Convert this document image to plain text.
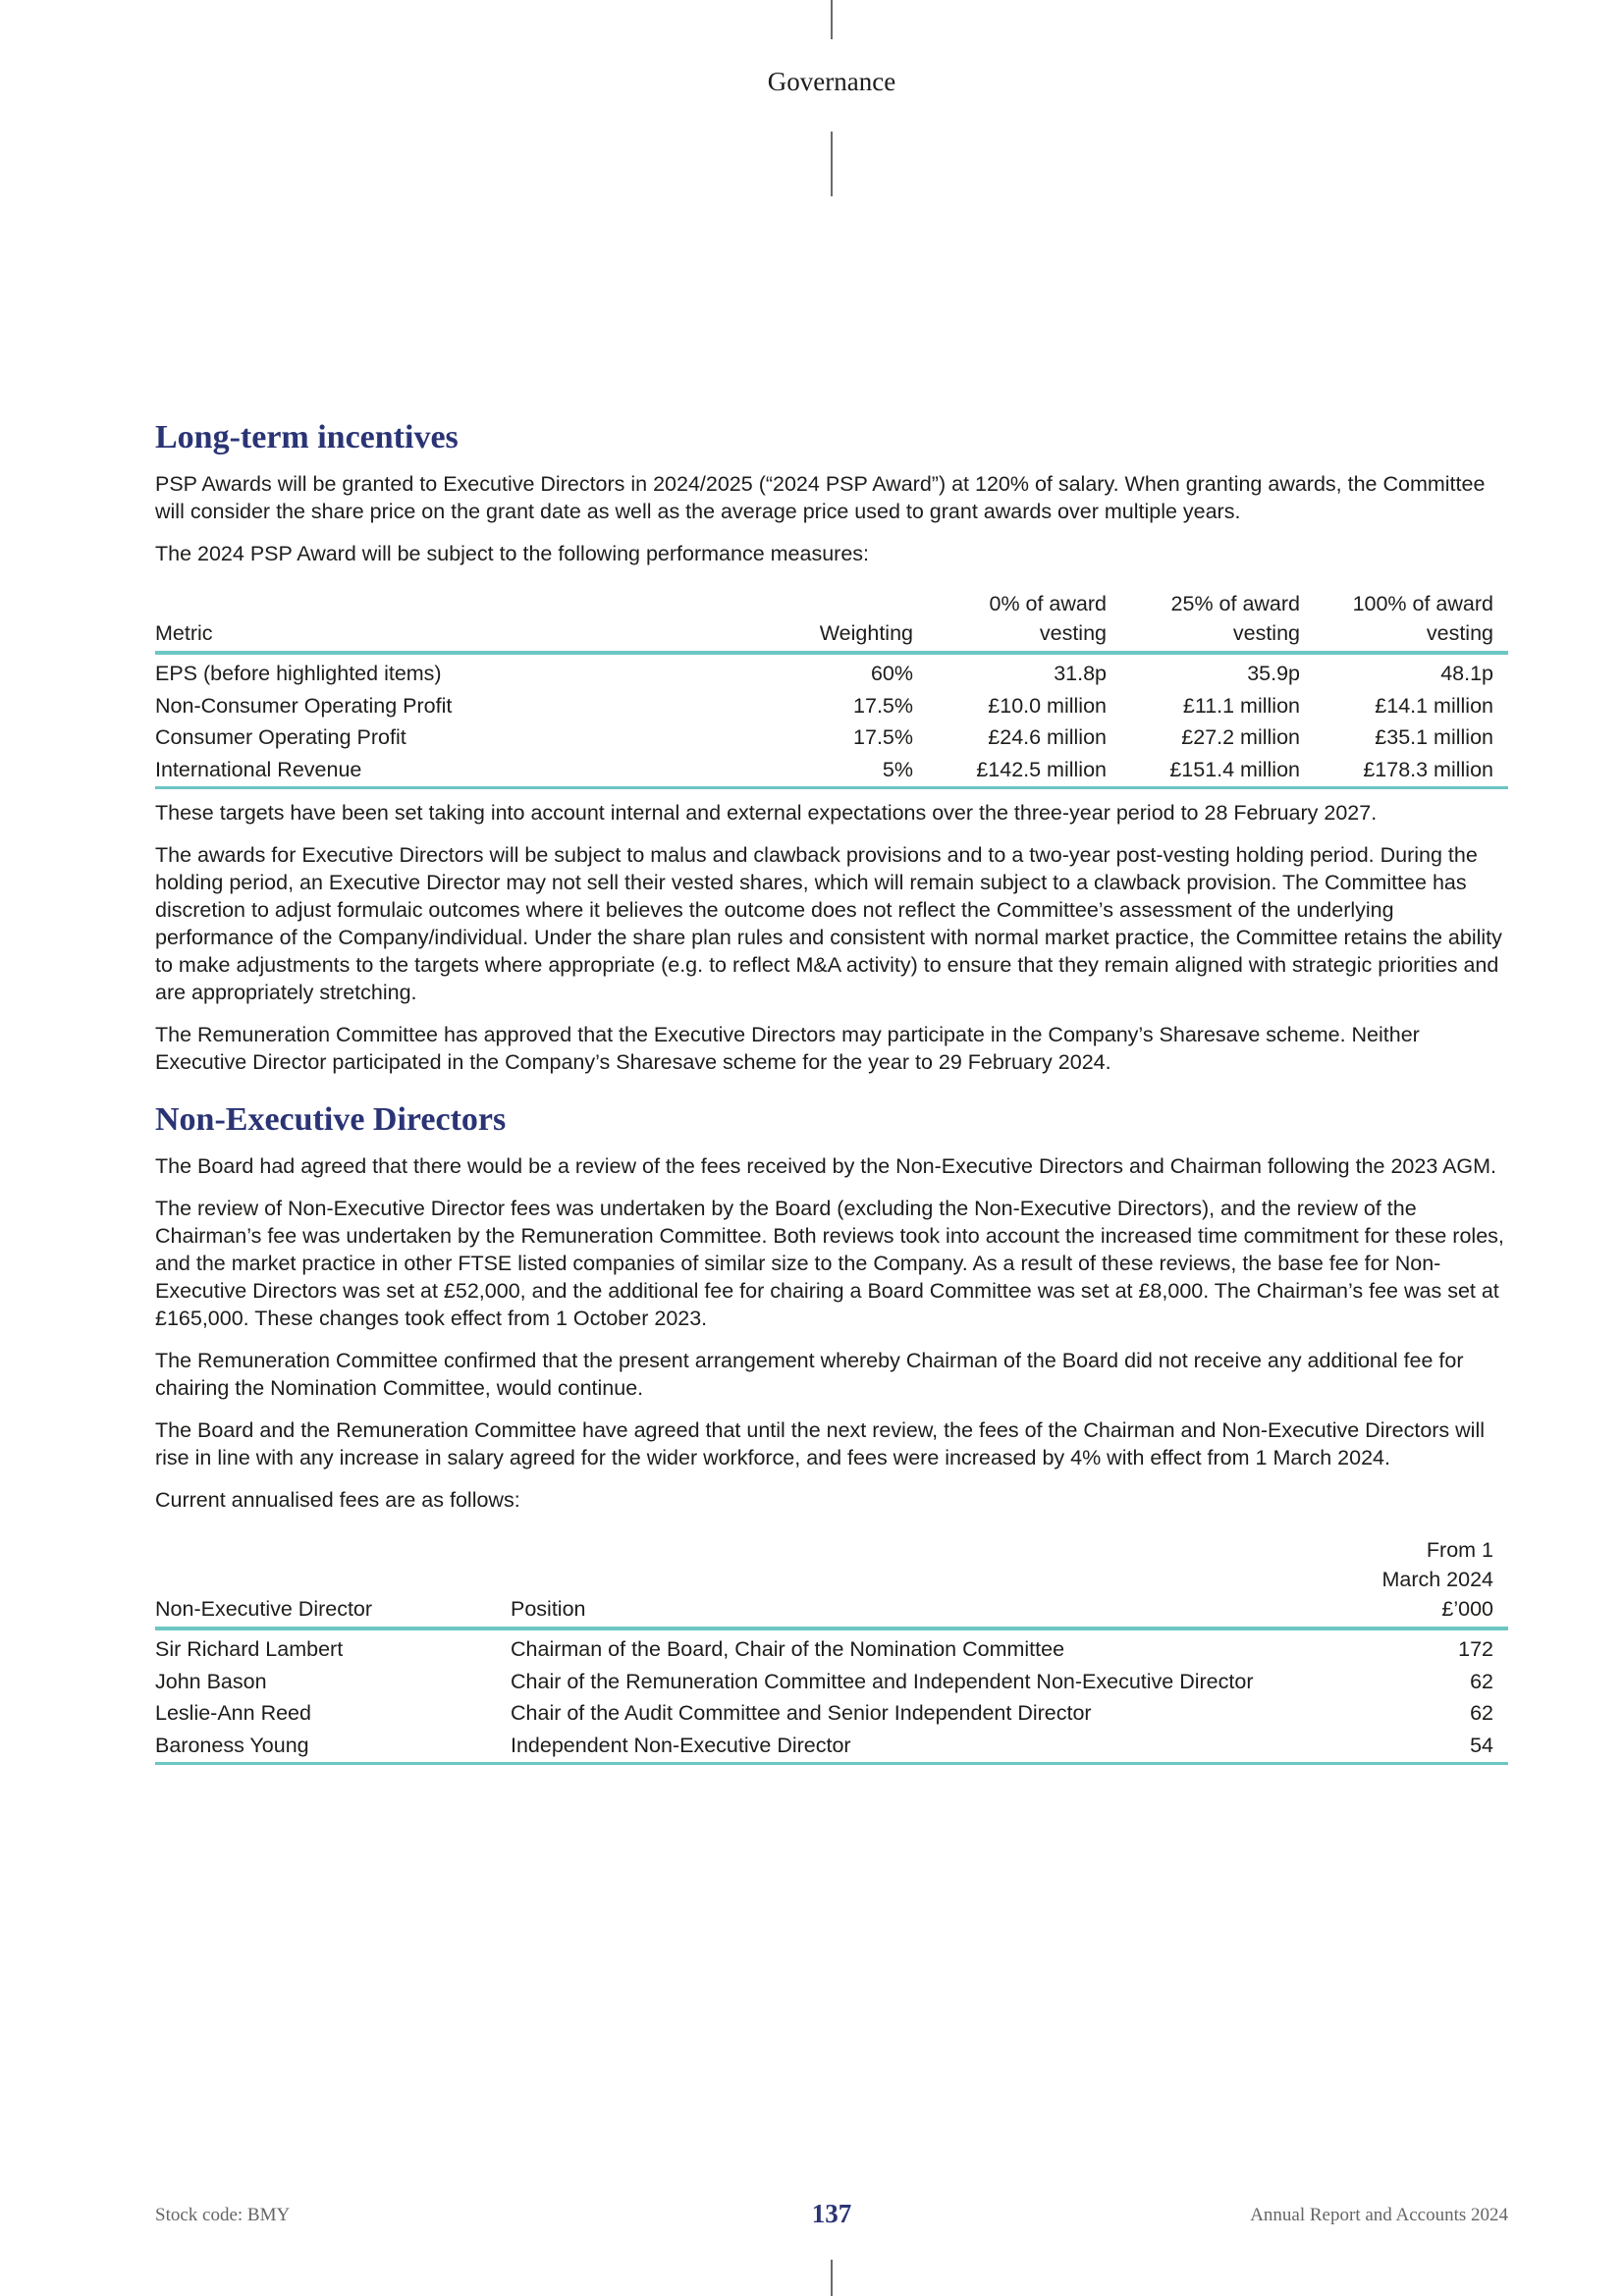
Governance
Long-term incentives

PSP Awards will be granted to Executive Directors in 2024/2025 (“2024 PSP Award”) at 120% of salary. When granting awards, the Committee will consider the share price on the grant date as well as the average price used to grant awards over multiple years.

The 2024 PSP Award will be subject to the following performance measures:

Metric	Weighting	0% of award vesting	25% of award vesting	100% of award vesting
EPS (before highlighted items)	60%	31.8p	35.9p	48.1p
Non-Consumer Operating Profit	17.5%	£10.0 million	£11.1 million	£14.1 million
Consumer Operating Profit	17.5%	£24.6 million	£27.2 million	£35.1 million
International Revenue	5%	£142.5 million	£151.4 million	£178.3 million

These targets have been set taking into account internal and external expectations over the three-year period to 28 February 2027.

The awards for Executive Directors will be subject to malus and clawback provisions and to a two-year post-vesting holding period. During the holding period, an Executive Director may not sell their vested shares, which will remain subject to a clawback provision. The Committee has discretion to adjust formulaic outcomes where it believes the outcome does not reflect the Committee’s assessment of the underlying performance of the Company/individual. Under the share plan rules and consistent with normal market practice, the Committee retains the ability to make adjustments to the targets where appropriate (e.g. to reflect M&A activity) to ensure that they remain aligned with strategic priorities and are appropriately stretching.

The Remuneration Committee has approved that the Executive Directors may participate in the Company’s Sharesave scheme. Neither Executive Director participated in the Company’s Sharesave scheme for the year to 29 February 2024.

Non-Executive Directors

The Board had agreed that there would be a review of the fees received by the Non-Executive Directors and Chairman following the 2023 AGM.

The review of Non-Executive Director fees was undertaken by the Board (excluding the Non-Executive Directors), and the review of the Chairman’s fee was undertaken by the Remuneration Committee. Both reviews took into account the increased time commitment for these roles, and the market practice in other FTSE listed companies of similar size to the Company. As a result of these reviews, the base fee for Non-Executive Directors was set at £52,000, and the additional fee for chairing a Board Committee was set at £8,000. The Chairman’s fee was set at £165,000. These changes took effect from 1 October 2023.

The Remuneration Committee confirmed that the present arrangement whereby Chairman of the Board did not receive any additional fee for chairing the Nomination Committee, would continue.

The Board and the Remuneration Committee have agreed that until the next review, the fees of the Chairman and Non-Executive Directors will rise in line with any increase in salary agreed for the wider workforce, and fees were increased by 4% with effect from 1 March 2024.

Current annualised fees are as follows:

Non-Executive Director	Position	From 1 March 2024 £’000
Sir Richard Lambert	Chairman of the Board, Chair of the Nomination Committee	172
John Bason	Chair of the Remuneration Committee and Independent Non-Executive Director	62
Leslie-Ann Reed	Chair of the Audit Committee and Senior Independent Director	62
Baroness Young	Independent Non-Executive Director	54
Stock code: BMY	137	Annual Report and Accounts 2024
